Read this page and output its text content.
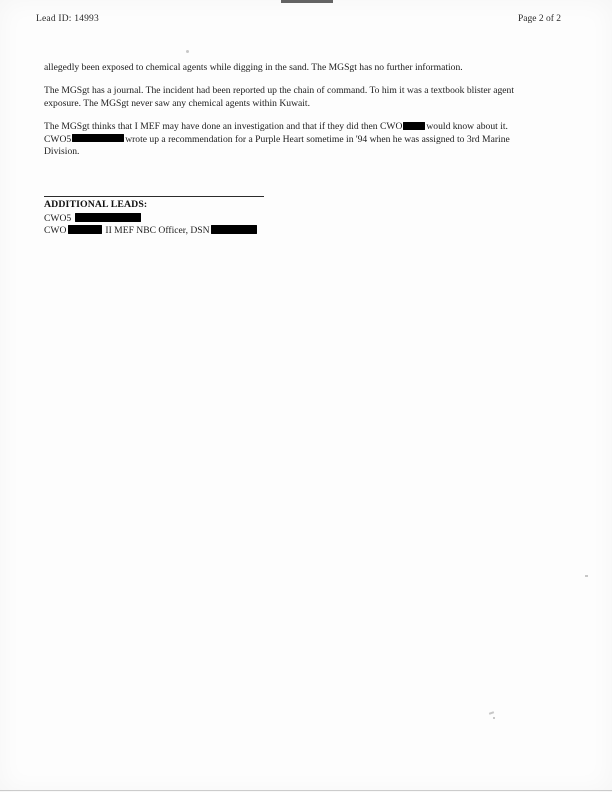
Lead ID: 14993	Page 2 of 2

allegedly been exposed to chemical agents while digging in the sand. The MGSgt has no further information.

The MGSgt has a journal. The incident had been reported up the chain of command. To him it was a textbook blister agent exposure. The MGSgt never saw any chemical agents within Kuwait.

The MGSgt thinks that I MEF may have done an investigation and that if they did then CWO	would know about it. CWO5	wrote up a recommendation for a Purple Heart sometime in '94 when he was assigned to 3rd Marine Division.

ADDITIONAL LEADS:
CWO5
CWO	II MEF NBC Officer, DSN
